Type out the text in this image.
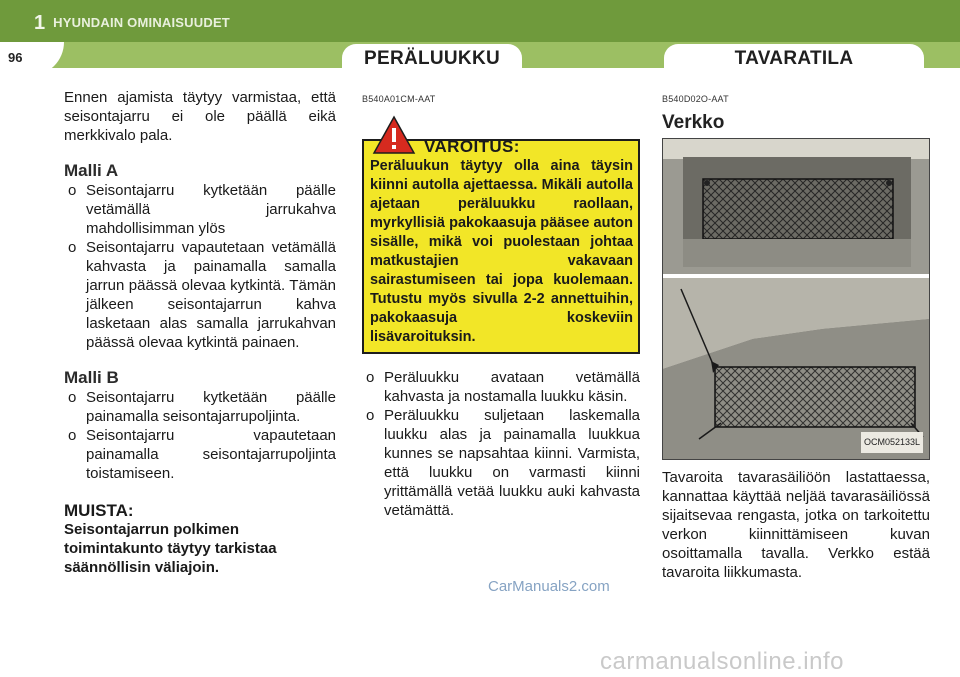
1 HYUNDAIN OMINAISUUDET
96	PERÄLUUKKU	TAVARATILA

Ennen ajamista täytyy varmistaa, että seisontajarru ei ole päällä eikä merkkivalo pala.

Malli A
o Seisontajarru kytketään päälle vetämällä jarrukahva mahdollisimman ylös
o Seisontajarru vapautetaan vetämällä kahvasta ja painamalla samalla jarrun päässä olevaa kytkintä. Tämän jälkeen seisontajarrun kahva lasketaan alas samalla jarrukahvan päässä olevaa kytkintä painaen.
Malli B
o Seisontajarru kytketään päälle painamalla seisontajarrupoljinta.
o Seisontajarru vapautetaan painamalla seisontajarrupoljinta toistamiseen.
MUISTA:

Seisontajarrun polkimen toimintakunto täytyy tarkistaa säännöllisin väliajoin.

B540A01CM-AAT
VAROITUS:
Peräluukun täytyy olla aina täysin kiinni autolla ajettaessa. Mikäli autolla ajetaan peräluukku raollaan, myrkyllisiä pakokaasuja pääsee auton sisälle, mikä voi puolestaan johtaa matkustajien vakavaan sairastumiseen tai jopa kuolemaan. Tutustu myös sivulla 2-2 annettuihin, pakokaasuja koskeviin lisävaroituksin.
o Peräluukku avataan vetämällä kahvasta ja nostamalla luukku käsin.
o Peräluukku suljetaan laskemalla luukku alas ja painamalla luukkua kunnes se napsahtaa kiinni. Varmista, että luukku on varmasti kiinni yrittämällä vetää luukku auki kahvasta vetämättä.
B540D02O-AAT
Verkko
OCM052133L

Tavaroita tavarasäiliöön lastattaessa, kannattaa käyttää neljää tavarasäiliössä sijaitsevaa rengasta, jotka on tarkoitettu verkon kiinnittämiseen kuvan osoittamalla tavalla. Verkko estää tavaroita liikkumasta.

CarManuals2.com
carmanualsonline.info
